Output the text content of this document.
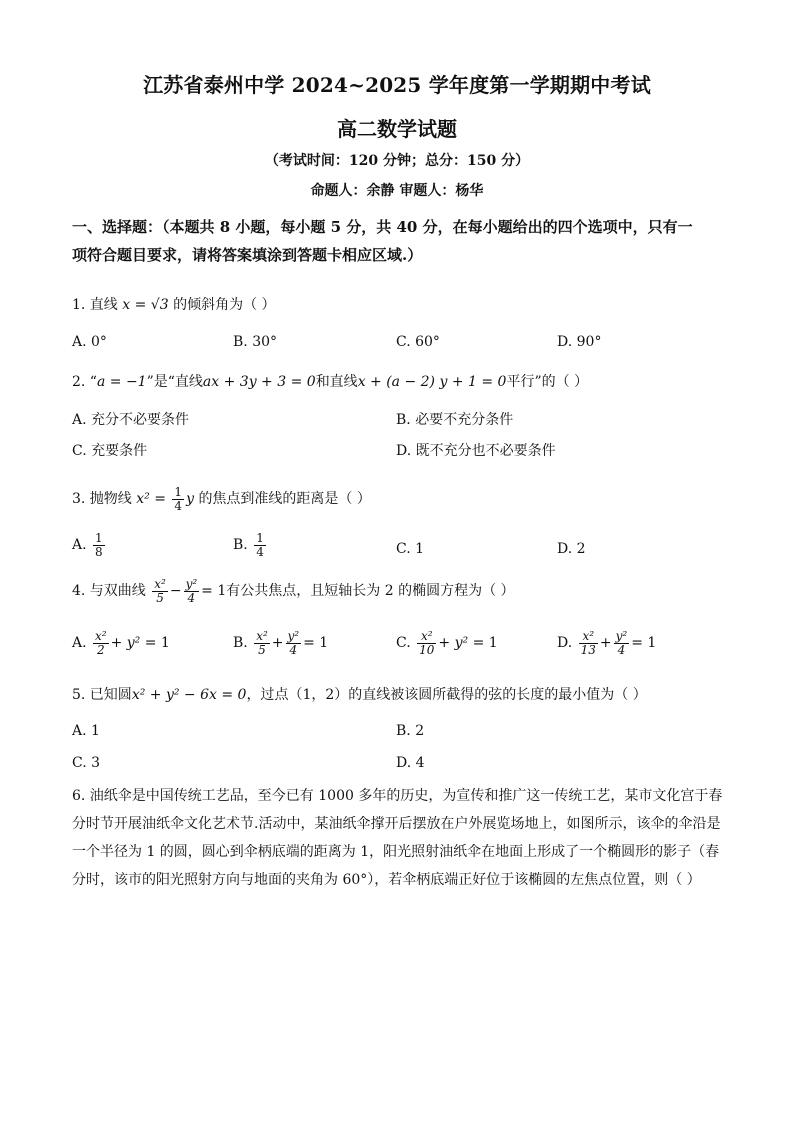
江苏省泰州中学 2024~2025 学年度第一学期期中考试
高二数学试题
（考试时间：120 分钟；总分：150 分）
命题人：余静 审题人：杨华
一、选择题：（本题共 8 小题，每小题 5 分，共 40 分，在每小题给出的四个选项中，只有一
项符合题目要求，请将答案填涂到答题卡相应区域.）
1. 直线 x = √3 的倾斜角为（ ）
A. 0°	B. 30°	C. 60°	D. 90°
2. “a = −1”是“直线ax + 3y + 3 = 0和直线x + (a − 2) y + 1 = 0平行”的（ ）
A. 充分不必要条件	B. 必要不充分条件
C. 充要条件	D. 既不充分也不必要条件
3. 抛物线 $x^2 = \frac{1}{4}$ y 的焦点到准线的距离是（ ）
A. $\frac{1}{8}$	B. $\frac{1}{4}$	C. 1	D. 2
4. 与双曲线 $\frac{\text{x²}}{5} - \frac{\text{y²}}{4} = 1$有公共焦点，且短轴长为 2 的椭圆方程为（ ）
A. $\frac{\text{x²}}{2} + y^2 = 1$	B. $\frac{\text{x²}}{5} + \frac{\text{y²}}{4} = 1$	C. $\frac{\text{x²}}{10} + y^2 = 1$	D. $\frac{\text{x²}}{13} + \frac{\text{y²}}{4} = 1$
5. 已知圆x² + y² − 6x = 0，过点（1，2）的直线被该圆所截得的弦的长度的最小值为（ ）
A. 1	B. 2
C. 3	D. 4
6. 油纸伞是中国传统工艺品，至今已有 1000 多年的历史，为宣传和推广这一传统工艺，某市文化宫于春
分时节开展油纸伞文化艺术节.活动中，某油纸伞撑开后摆放在户外展览场地上，如图所示，该伞的伞沿是
一个半径为 1 的圆，圆心到伞柄底端的距离为 1，阳光照射油纸伞在地面上形成了一个椭圆形的影子（春
分时，该市的阳光照射方向与地面的夹角为 60°），若伞柄底端正好位于该椭圆的左焦点位置，则（ ）
